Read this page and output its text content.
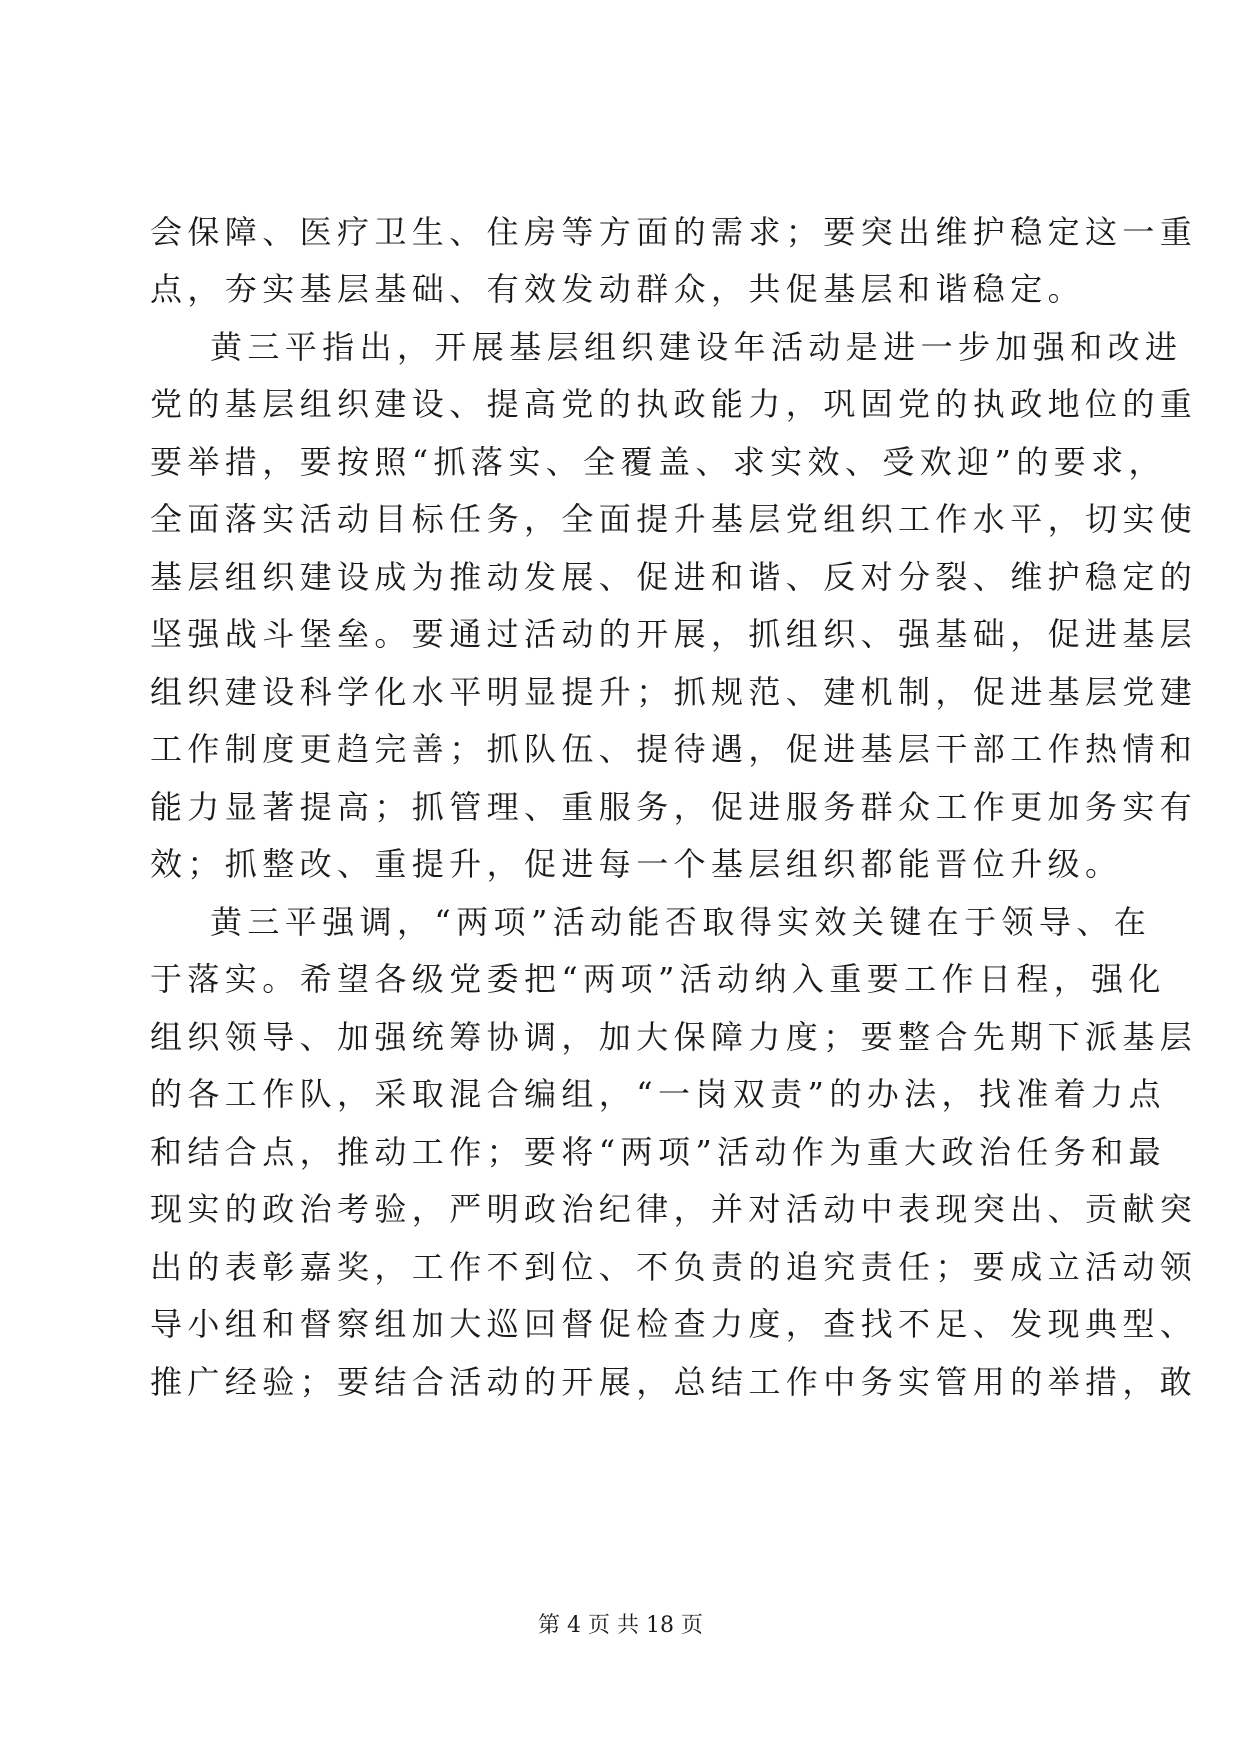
会保障、医疗卫生、住房等方面的需求；要突出维护稳定这一重
点，夯实基层基础、有效发动群众，共促基层和谐稳定。
黄三平指出，开展基层组织建设年活动是进一步加强和改进
党的基层组织建设、提高党的执政能力，巩固党的执政地位的重
要举措，要按照“抓落实、全覆盖、求实效、受欢迎”的要求，
全面落实活动目标任务，全面提升基层党组织工作水平，切实使
基层组织建设成为推动发展、促进和谐、反对分裂、维护稳定的
坚强战斗堡垒。要通过活动的开展，抓组织、强基础，促进基层
组织建设科学化水平明显提升；抓规范、建机制，促进基层党建
工作制度更趋完善；抓队伍、提待遇，促进基层干部工作热情和
能力显著提高；抓管理、重服务，促进服务群众工作更加务实有
效；抓整改、重提升，促进每一个基层组织都能晋位升级。
黄三平强调，“两项”活动能否取得实效关键在于领导、在
于落实。希望各级党委把“两项”活动纳入重要工作日程，强化
组织领导、加强统筹协调，加大保障力度；要整合先期下派基层
的各工作队，采取混合编组，“一岗双责”的办法，找准着力点
和结合点，推动工作；要将“两项”活动作为重大政治任务和最
现实的政治考验，严明政治纪律，并对活动中表现突出、贡献突
出的表彰嘉奖，工作不到位、不负责的追究责任；要成立活动领
导小组和督察组加大巡回督促检查力度，查找不足、发现典型、
推广经验；要结合活动的开展，总结工作中务实管用的举措，敢
第 4 页 共 18 页
